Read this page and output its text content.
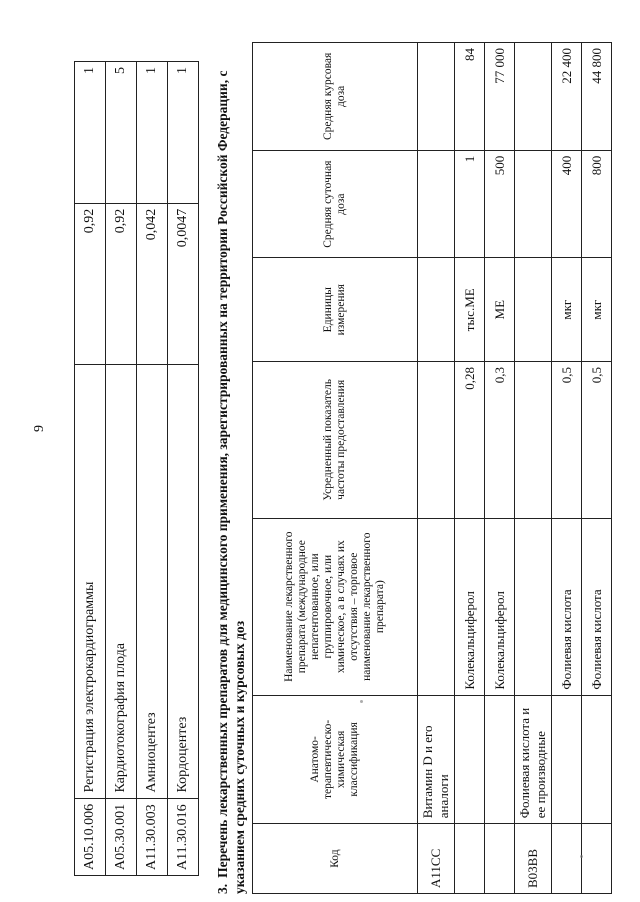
9
A05.10.006	Регистрация электрокардиограммы	0,92	1
A05.30.001	Кардиотокография плода	0,92	5
A11.30.003	Амниоцентез	0,042	1
A11.30.016	Кордоцентез	0,0047	1
3.Перечень лекарственных препаратов для медицинского применения, зарегистрированных на территории Российской Федерации, с указанием средних суточных и курсовых доз	Код	Анатомо-терапевтическо-химическая классификация	Наименование лекарственного препарата (международное непатентованное, или группировочное, или химическое, а в случаях их отсутствия – торговое наименование лекарственного препарата)	Усредненный показатель частоты предоставления	Единицы измерения	Средняя суточная доза	Средняя курсовая доза
A11CC	Витамин D и его аналоги					
		Колекальциферол	0,28	тыс.МЕ	1	84
		Колекальциферол	0,3	МЕ	500	77 000
B03BB	Фолиевая кислота и ее производные					
		Фолиевая кислота	0,5	мкг	400	22 400
		Фолиевая кислота	0,5	мкг	800	44 800
